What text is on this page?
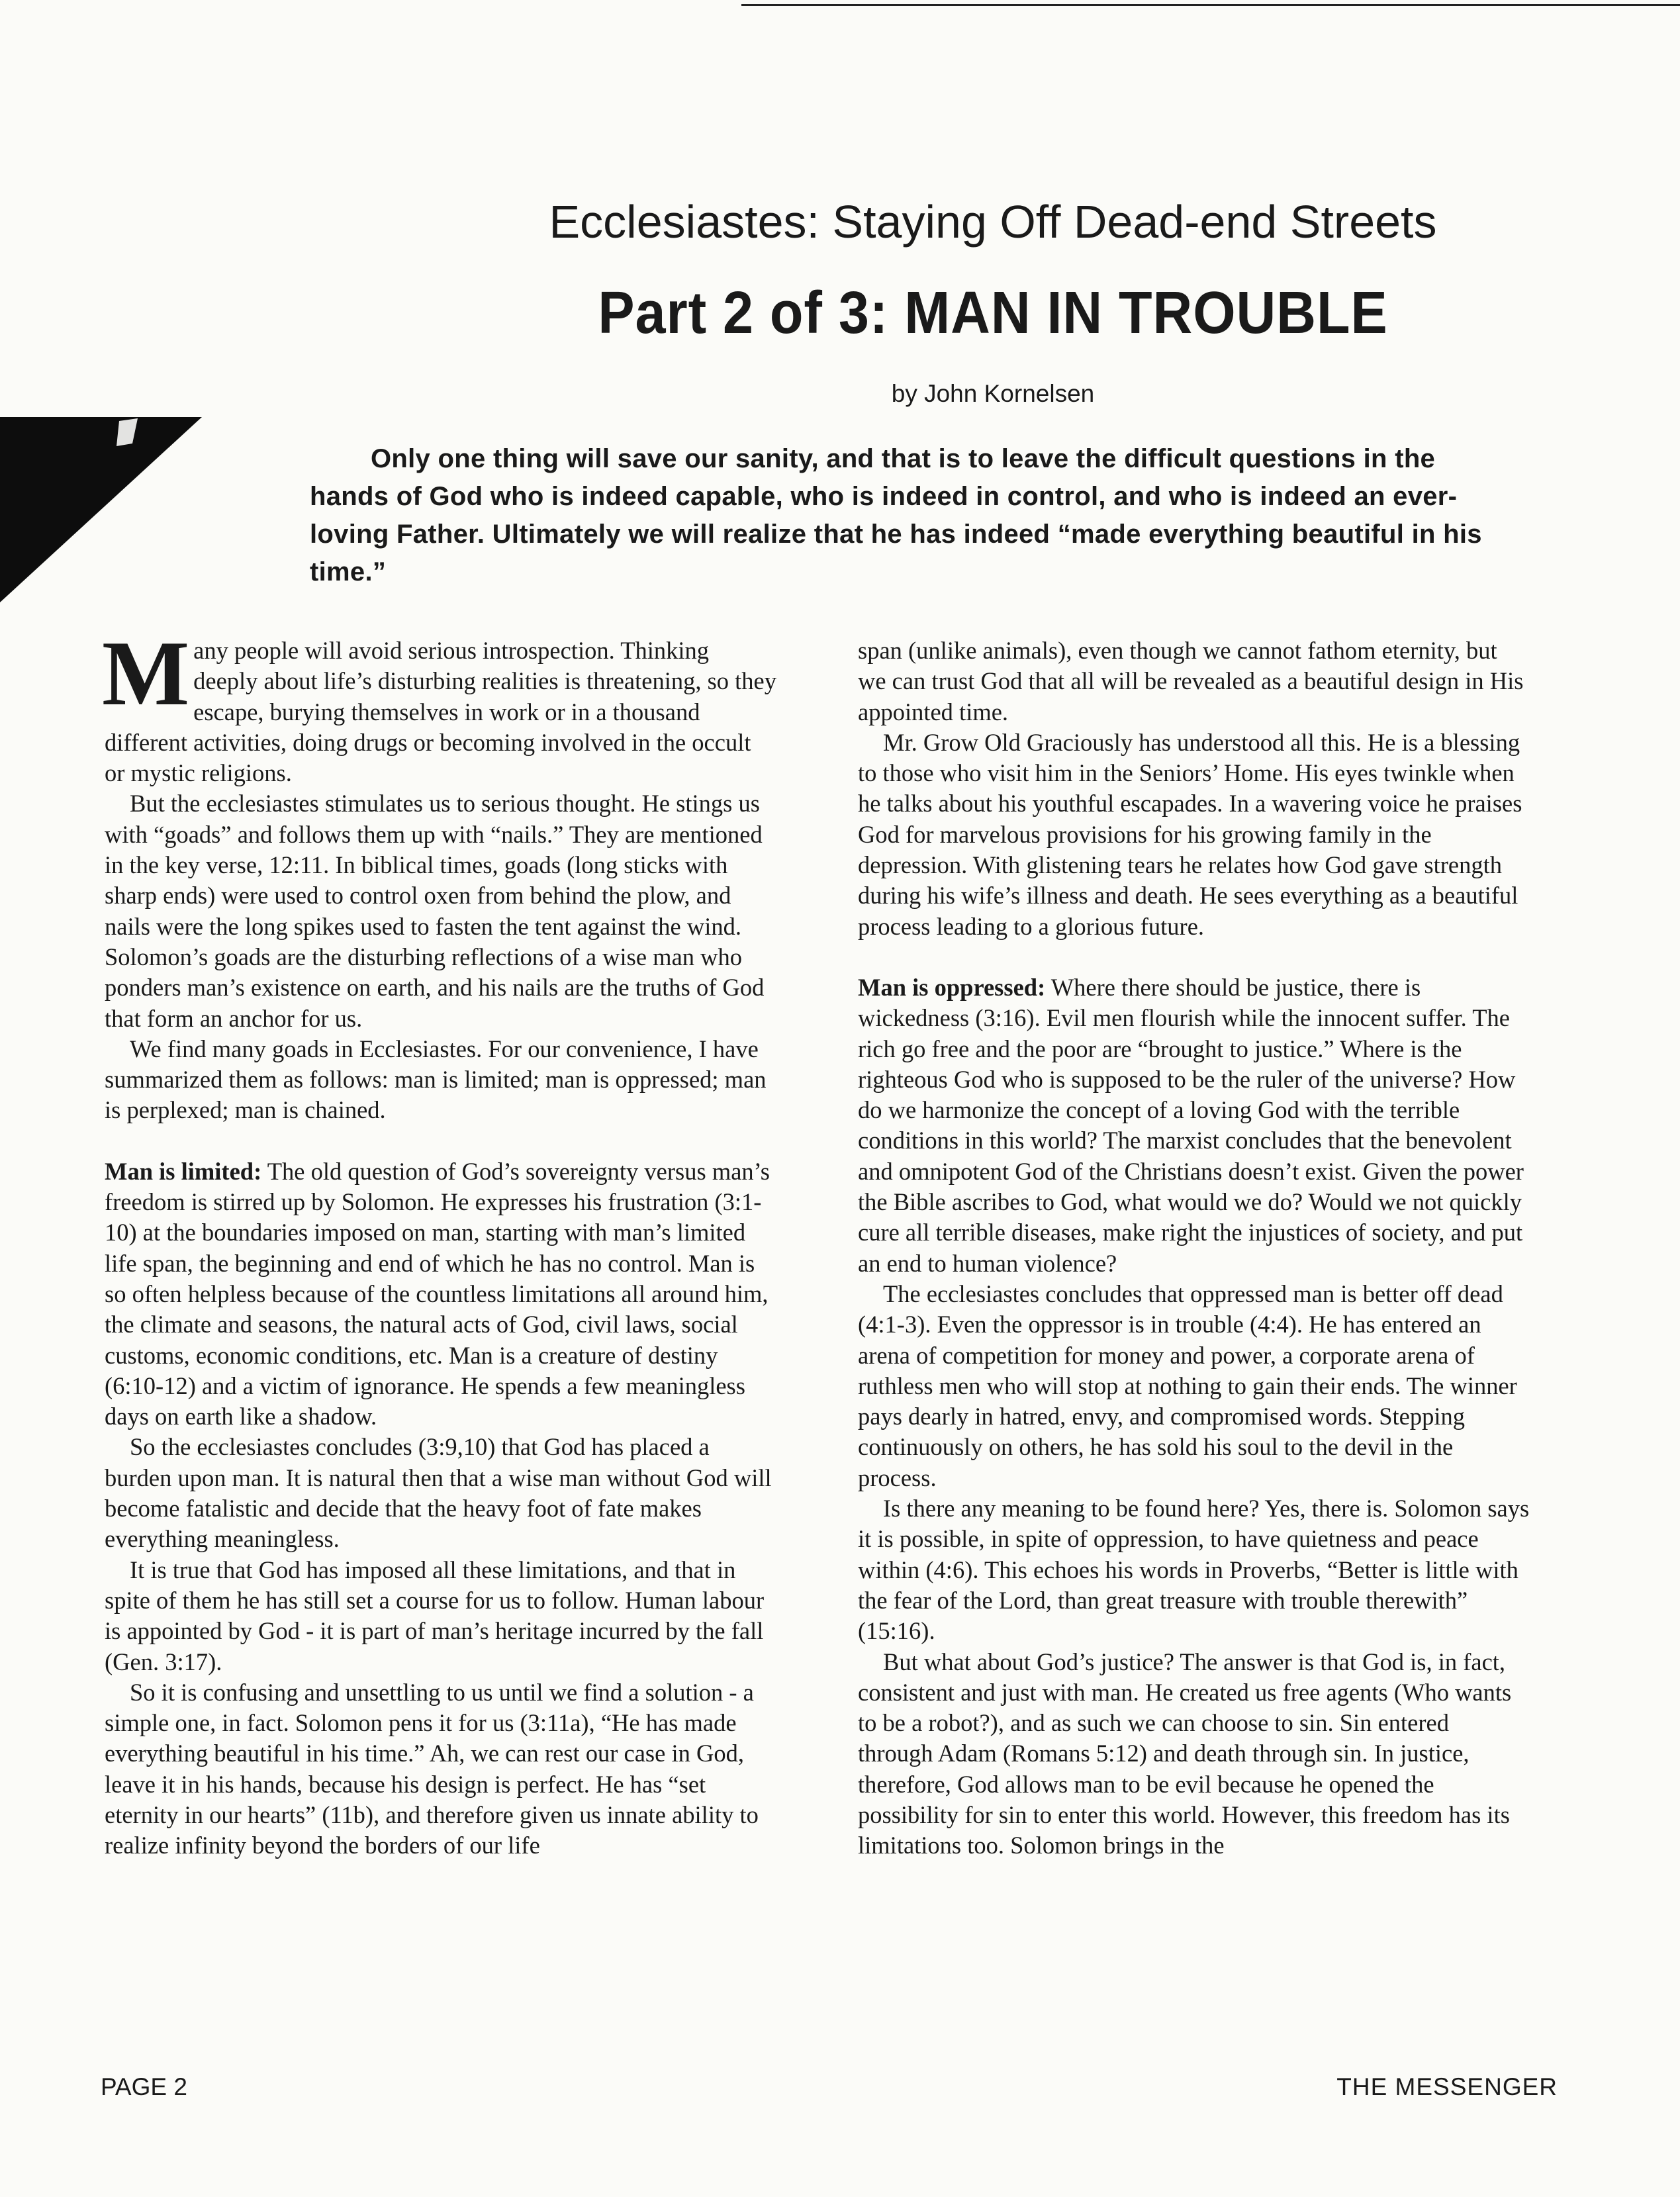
Ecclesiastes: Staying Off Dead-end Streets
Part 2 of 3: MAN IN TROUBLE
by John Kornelsen
Only one thing will save our sanity, and that is to leave the difficult questions in the hands of God who is indeed capable, who is indeed in control, and who is indeed an ever-loving Father. Ultimately we will realize that he has indeed “made everything beautiful in his time.”

Many people will avoid serious introspection. Thinking deeply about life’s disturbing realities is threatening, so they escape, burying themselves in work or in a thousand different activities, doing drugs or becoming involved in the occult or mystic religions.

But the ecclesiastes stimulates us to serious thought. He stings us with “goads” and follows them up with “nails.” They are mentioned in the key verse, 12:11. In biblical times, goads (long sticks with sharp ends) were used to control oxen from behind the plow, and nails were the long spikes used to fasten the tent against the wind. Solomon’s goads are the disturbing reflections of a wise man who ponders man’s existence on earth, and his nails are the truths of God that form an anchor for us.

We find many goads in Ecclesiastes. For our convenience, I have summarized them as follows: man is limited; man is oppressed; man is perplexed; man is chained.

Man is limited: The old question of God’s sovereignty versus man’s freedom is stirred up by Solomon. He expresses his frustration (3:1-10) at the boundaries imposed on man, starting with man’s limited life span, the beginning and end of which he has no control. Man is so often helpless because of the countless limitations all around him, the climate and seasons, the natural acts of God, civil laws, social customs, economic conditions, etc. Man is a creature of destiny (6:10-12) and a victim of ignorance. He spends a few meaningless days on earth like a shadow.

So the ecclesiastes concludes (3:9,10) that God has placed a burden upon man. It is natural then that a wise man without God will become fatalistic and decide that the heavy foot of fate makes everything meaningless.

It is true that God has imposed all these limitations, and that in spite of them he has still set a course for us to follow. Human labour is appointed by God - it is part of man’s heritage incurred by the fall (Gen. 3:17).

So it is confusing and unsettling to us until we find a solution - a simple one, in fact. Solomon pens it for us (3:11a), “He has made everything beautiful in his time.” Ah, we can rest our case in God, leave it in his hands, because his design is perfect. He has “set eternity in our hearts” (11b), and therefore given us innate ability to realize infinity beyond the borders of our life

span (unlike animals), even though we cannot fathom eternity, but we can trust God that all will be revealed as a beautiful design in His appointed time.

Mr. Grow Old Graciously has understood all this. He is a blessing to those who visit him in the Seniors’ Home. His eyes twinkle when he talks about his youthful escapades. In a wavering voice he praises God for marvelous provisions for his growing family in the depression. With glistening tears he relates how God gave strength during his wife’s illness and death. He sees everything as a beautiful process leading to a glorious future.

Man is oppressed: Where there should be justice, there is wickedness (3:16). Evil men flourish while the innocent suffer. The rich go free and the poor are “brought to justice.” Where is the righteous God who is supposed to be the ruler of the universe? How do we harmonize the concept of a loving God with the terrible conditions in this world? The marxist concludes that the benevolent and omnipotent God of the Christians doesn’t exist. Given the power the Bible ascribes to God, what would we do? Would we not quickly cure all terrible diseases, make right the injustices of society, and put an end to human violence?

The ecclesiastes concludes that oppressed man is better off dead (4:1-3). Even the oppressor is in trouble (4:4). He has entered an arena of competition for money and power, a corporate arena of ruthless men who will stop at nothing to gain their ends. The winner pays dearly in hatred, envy, and compromised words. Stepping continuously on others, he has sold his soul to the devil in the process.

Is there any meaning to be found here? Yes, there is. Solomon says it is possible, in spite of oppression, to have quietness and peace within (4:6). This echoes his words in Proverbs, “Better is little with the fear of the Lord, than great treasure with trouble therewith” (15:16).

But what about God’s justice? The answer is that God is, in fact, consistent and just with man. He created us free agents (Who wants to be a robot?), and as such we can choose to sin. Sin entered through Adam (Romans 5:12) and death through sin. In justice, therefore, God allows man to be evil because he opened the possibility for sin to enter this world. However, this freedom has its limitations too. Solomon brings in the

PAGE 2	THE MESSENGER
